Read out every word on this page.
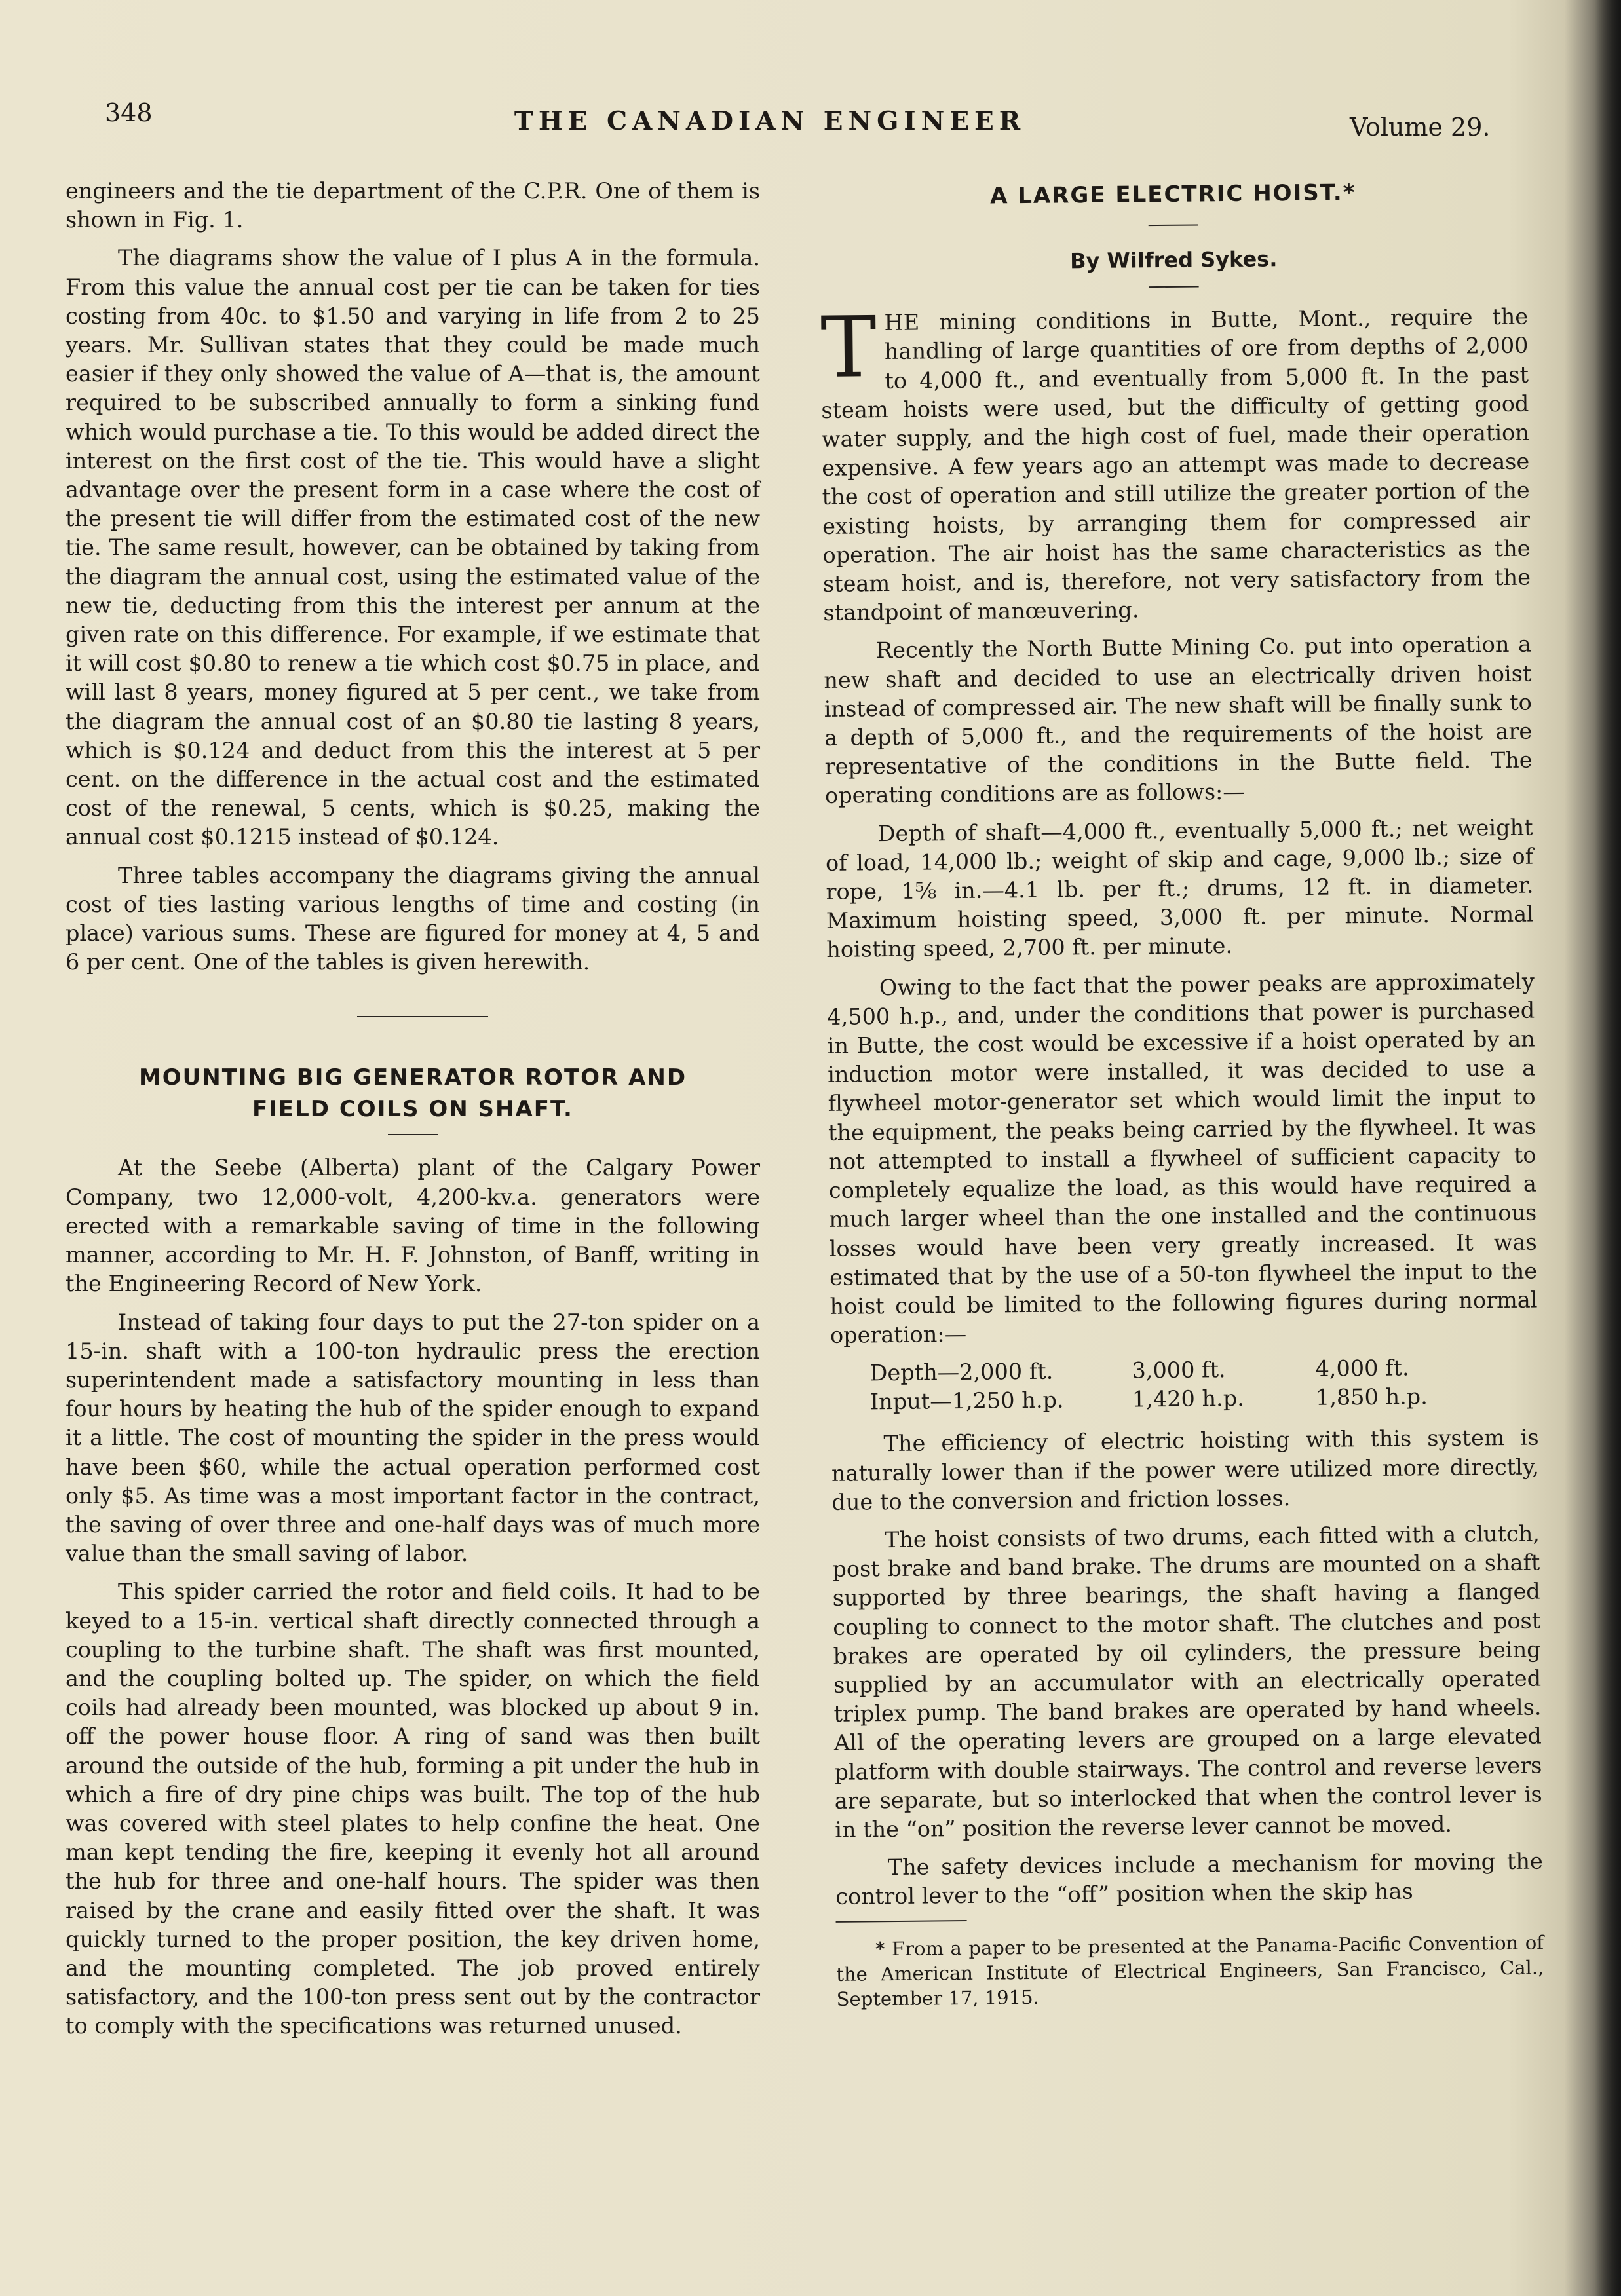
348	THE CANADIAN ENGINEER	Volume 29.

engineers and the tie department of the C.P.R. One of them is shown in Fig. 1.

The diagrams show the value of I plus A in the formula. From this value the annual cost per tie can be taken for ties costing from 40c. to $1.50 and varying in life from 2 to 25 years. Mr. Sullivan states that they could be made much easier if they only showed the value of A—that is, the amount required to be subscribed annually to form a sinking fund which would purchase a tie. To this would be added direct the interest on the first cost of the tie. This would have a slight advantage over the present form in a case where the cost of the present tie will differ from the estimated cost of the new tie. The same result, however, can be obtained by taking from the diagram the annual cost, using the estimated value of the new tie, deducting from this the interest per annum at the given rate on this difference. For example, if we estimate that it will cost $0.80 to renew a tie which cost $0.75 in place, and will last 8 years, money figured at 5 per cent., we take from the diagram the annual cost of an $0.80 tie lasting 8 years, which is $0.124 and deduct from this the interest at 5 per cent. on the difference in the actual cost and the estimated cost of the renewal, 5 cents, which is $0.25, making the annual cost $0.1215 instead of $0.124.

Three tables accompany the diagrams giving the annual cost of ties lasting various lengths of time and costing (in place) various sums. These are figured for money at 4, 5 and 6 per cent. One of the tables is given herewith.

MOUNTING BIG GENERATOR ROTOR AND
FIELD COILS ON SHAFT.

At the Seebe (Alberta) plant of the Calgary Power Company, two 12,000-volt, 4,200-kv.a. generators were erected with a remarkable saving of time in the following manner, according to Mr. H. F. Johnston, of Banff, writing in the Engineering Record of New York.

Instead of taking four days to put the 27-ton spider on a 15-in. shaft with a 100-ton hydraulic press the erection superintendent made a satisfactory mounting in less than four hours by heating the hub of the spider enough to expand it a little. The cost of mounting the spider in the press would have been $60, while the actual operation performed cost only $5. As time was a most important factor in the contract, the saving of over three and one-half days was of much more value than the small saving of labor.

This spider carried the rotor and field coils. It had to be keyed to a 15-in. vertical shaft directly connected through a coupling to the turbine shaft. The shaft was first mounted, and the coupling bolted up. The spider, on which the field coils had already been mounted, was blocked up about 9 in. off the power house floor. A ring of sand was then built around the outside of the hub, forming a pit under the hub in which a fire of dry pine chips was built. The top of the hub was covered with steel plates to help confine the heat. One man kept tending the fire, keeping it evenly hot all around the hub for three and one-half hours. The spider was then raised by the crane and easily fitted over the shaft. It was quickly turned to the proper position, the key driven home, and the mounting completed. The job proved entirely satisfactory, and the 100-ton press sent out by the contractor to comply with the specifications was returned unused.

A LARGE ELECTRIC HOIST.*
By Wilfred Sykes.
T HE mining conditions in Butte, Mont., require the handling of large quantities of ore from depths of 2,000 to 4,000 ft., and eventually from 5,000 ft. In the past steam hoists were used, but the difficulty of getting good water supply, and the high cost of fuel, made their operation expensive. A few years ago an attempt was made to decrease the cost of operation and still utilize the greater portion of the existing hoists, by arranging them for compressed air operation. The air hoist has the same characteristics as the steam hoist, and is, therefore, not very satisfactory from the standpoint of manœuvering.

Recently the North Butte Mining Co. put into operation a new shaft and decided to use an electrically driven hoist instead of compressed air. The new shaft will be finally sunk to a depth of 5,000 ft., and the requirements of the hoist are representative of the conditions in the Butte field. The operating conditions are as follows:—

Depth of shaft—4,000 ft., eventually 5,000 ft.; net weight of load, 14,000 lb.; weight of skip and cage, 9,000 lb.; size of rope, 1⅝ in.—4.1 lb. per ft.; drums, 12 ft. in diameter. Maximum hoisting speed, 3,000 ft. per minute. Normal hoisting speed, 2,700 ft. per minute.

Owing to the fact that the power peaks are approximately 4,500 h.p., and, under the conditions that power is purchased in Butte, the cost would be excessive if a hoist operated by an induction motor were installed, it was decided to use a flywheel motor-generator set which would limit the input to the equipment, the peaks being carried by the flywheel. It was not attempted to install a flywheel of sufficient capacity to completely equalize the load, as this would have required a much larger wheel than the one installed and the continuous losses would have been very greatly increased. It was estimated that by the use of a 50-ton flywheel the input to the hoist could be limited to the following figures during normal operation:—

Depth—2,000 ft.	3,000 ft.	4,000 ft.
Input—1,250 h.p.	1,420 h.p.	1,850 h.p.

The efficiency of electric hoisting with this system is naturally lower than if the power were utilized more directly, due to the conversion and friction losses.

The hoist consists of two drums, each fitted with a clutch, post brake and band brake. The drums are mounted on a shaft supported by three bearings, the shaft having a flanged coupling to connect to the motor shaft. The clutches and post brakes are operated by oil cylinders, the pressure being supplied by an accumulator with an electrically operated triplex pump. The band brakes are operated by hand wheels. All of the operating levers are grouped on a large elevated platform with double stairways. The control and reverse levers are separate, but so interlocked that when the control lever is in the “on” position the reverse lever cannot be moved.

The safety devices include a mechanism for moving the control lever to the “off” position when the skip has

* From a paper to be presented at the Panama-Pacific Convention of the American Institute of Electrical Engineers, San Francisco, Cal., September 17, 1915.
